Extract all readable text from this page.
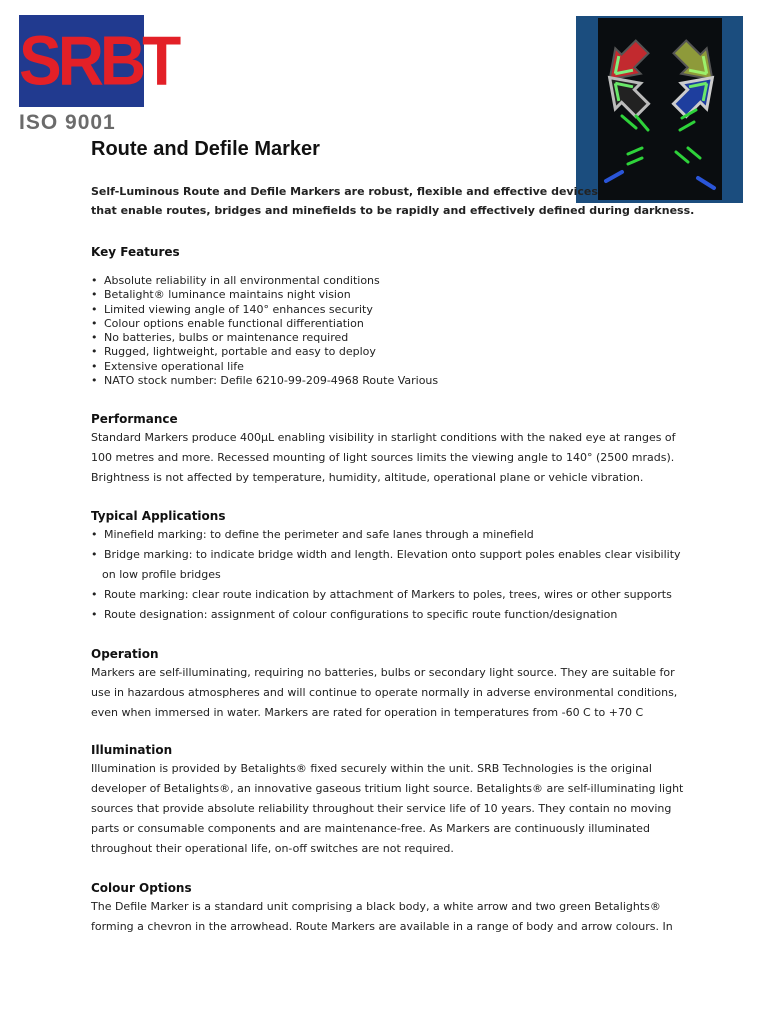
SRBT
ISO 9001
Route and Defile Marker
Self-Luminous Route and Defile Markers are robust, flexible and effective devices
that enable routes, bridges and minefields to be rapidly and effectively defined during darkness.
Key Features
• Absolute reliability in all environmental conditions
• Betalight® luminance maintains night vision
• Limited viewing angle of 140° enhances security
• Colour options enable functional differentiation
• No batteries, bulbs or maintenance required
• Rugged, lightweight, portable and easy to deploy
• Extensive operational life
• NATO stock number: Defile 6210-99-209-4968 Route Various
Performance
Standard Markers produce 400μL enabling visibility in starlight conditions with the naked eye at ranges of
100 metres and more. Recessed mounting of light sources limits the viewing angle to 140° (2500 mrads).
Brightness is not affected by temperature, humidity, altitude, operational plane or vehicle vibration.
Typical Applications
• Minefield marking: to define the perimeter and safe lanes through a minefield
• Bridge marking: to indicate bridge width and length. Elevation onto support poles enables clear visibility
on low profile bridges
• Route marking: clear route indication by attachment of Markers to poles, trees, wires or other supports
• Route designation: assignment of colour configurations to specific route function/designation
Operation
Markers are self-illuminating, requiring no batteries, bulbs or secondary light source. They are suitable for
use in hazardous atmospheres and will continue to operate normally in adverse environmental conditions,
even when immersed in water. Markers are rated for operation in temperatures from -60 C to +70 C
Illumination
Illumination is provided by Betalights® fixed securely within the unit. SRB Technologies is the original
developer of Betalights®, an innovative gaseous tritium light source. Betalights® are self-illuminating light
sources that provide absolute reliability throughout their service life of 10 years. They contain no moving
parts or consumable components and are maintenance-free. As Markers are continuously illuminated
throughout their operational life, on-off switches are not required.
Colour Options
The Defile Marker is a standard unit comprising a black body, a white arrow and two green Betalights®
forming a chevron in the arrowhead. Route Markers are available in a range of body and arrow colours. In
